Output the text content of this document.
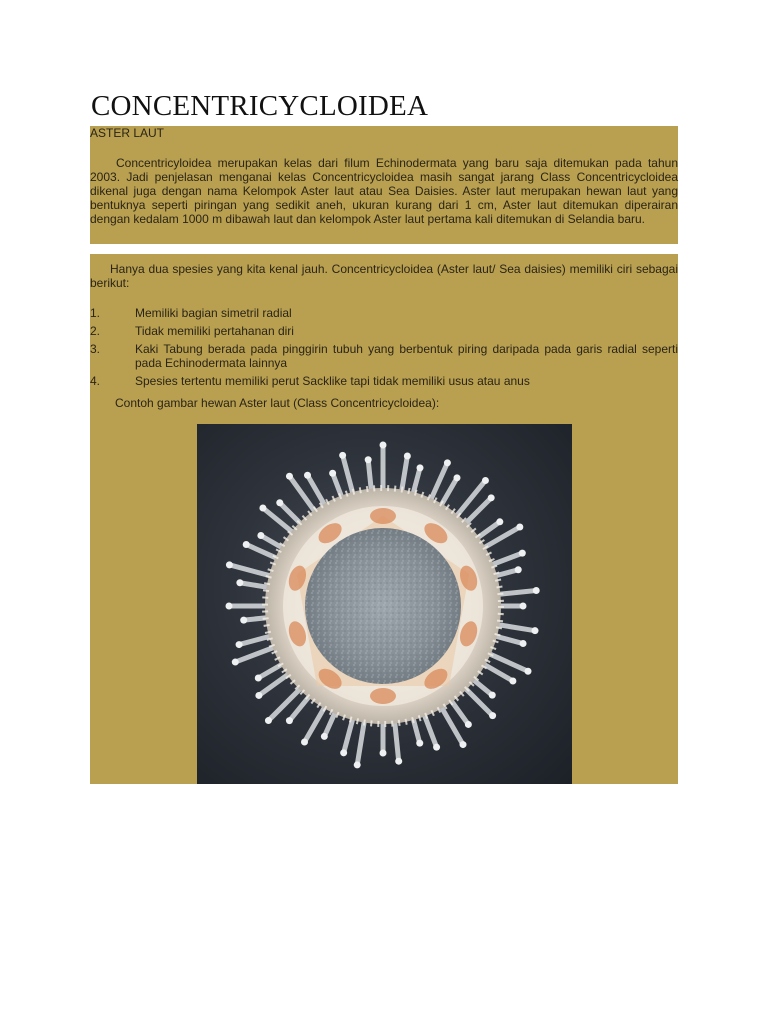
CONCENTRICYCLOIDEA
ASTER LAUT
Concentricyloidea merupakan kelas dari filum Echinodermata yang baru saja ditemukan pada tahun 2003. Jadi penjelasan menganai kelas Concentricycloidea masih sangat jarang Class Concentricycloidea dikenal juga dengan nama Kelompok Aster laut atau Sea Daisies. Aster laut merupakan hewan laut yang bentuknya seperti piringan yang sedikit aneh, ukuran kurang dari 1 cm, Aster laut ditemukan diperairan dengan kedalam 1000 m dibawah laut dan kelompok Aster laut pertama kali ditemukan di Selandia baru.
Hanya dua spesies yang kita kenal jauh. Concentricycloidea (Aster laut/ Sea daisies) memiliki ciri sebagai berikut:
1.	Memiliki bagian simetril radial
2.	Tidak memiliki pertahanan diri
3.	Kaki Tabung berada pada pinggirin tubuh yang berbentuk piring daripada pada garis radial seperti pada Echinodermata lainnya
4.	Spesies tertentu memiliki perut Sacklike tapi tidak memiliki usus atau anus
Contoh gambar hewan Aster laut (Class Concentricycloidea):
